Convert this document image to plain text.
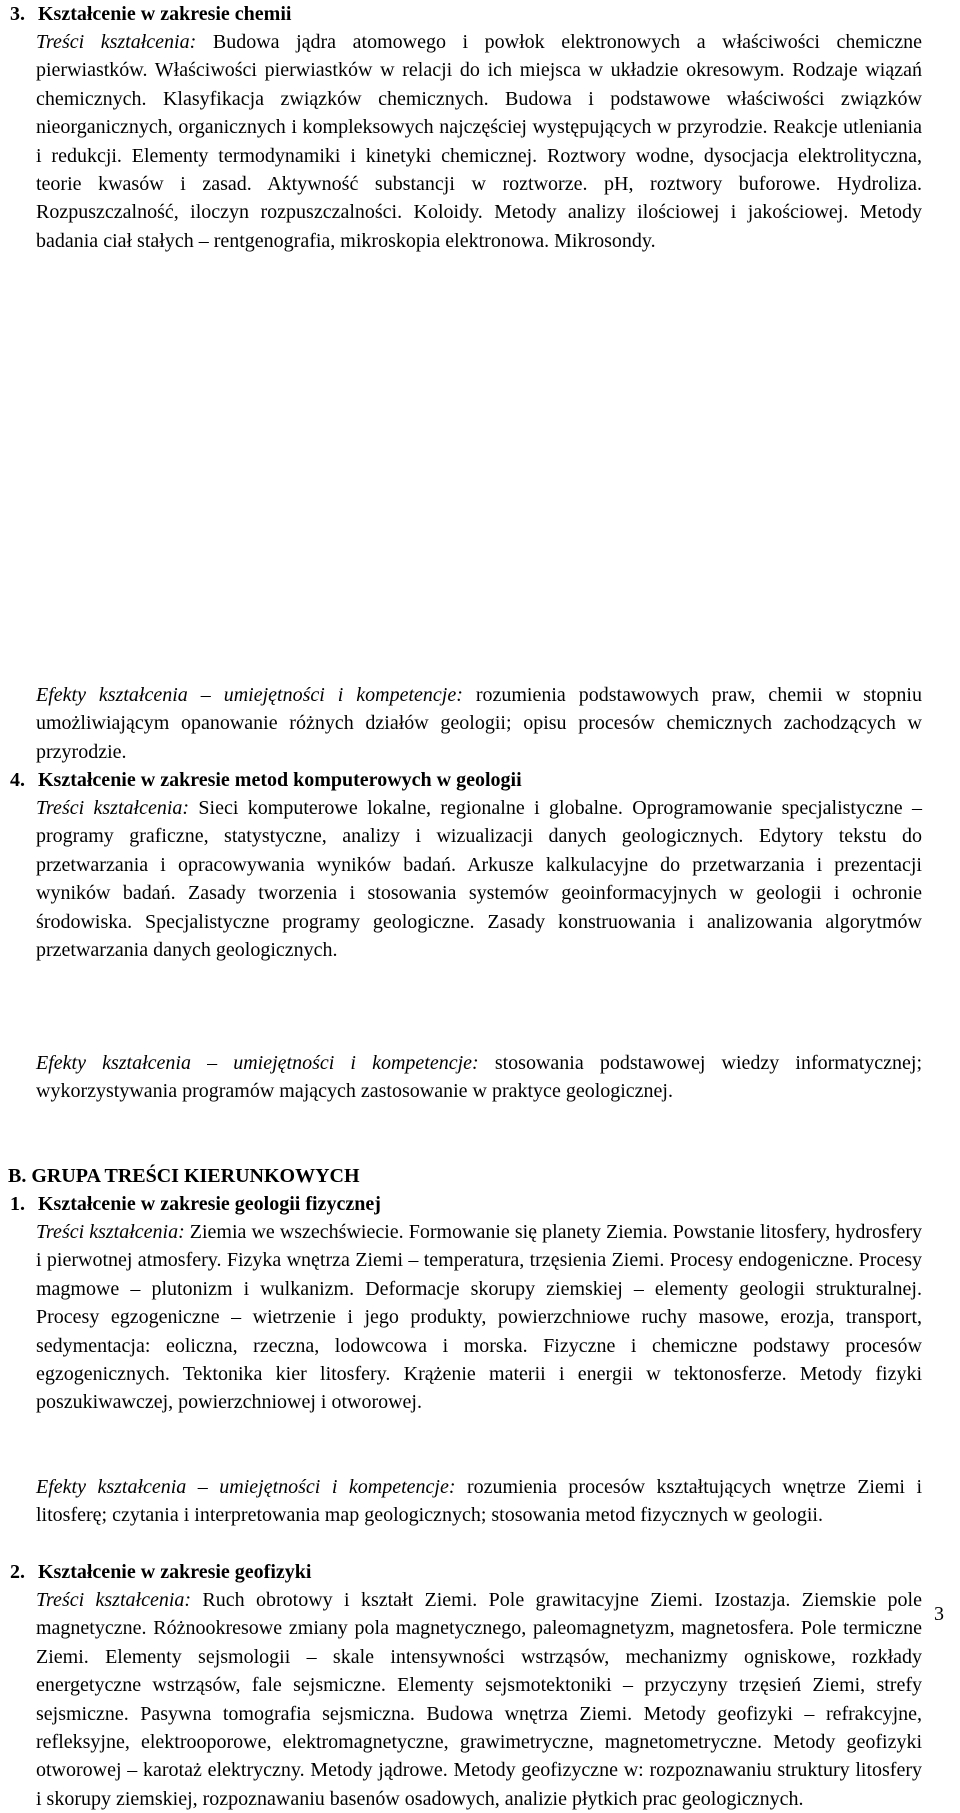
3. Kształcenie w zakresie chemii
Treści kształcenia: Budowa jądra atomowego i powłok elektronowych a właściwości chemiczne pierwiastków. Właściwości pierwiastków w relacji do ich miejsca w układzie okresowym. Rodzaje wiązań chemicznych. Klasyfikacja związków chemicznych. Budowa i podstawowe właściwości związków nieorganicznych, organicznych i kompleksowych najczęściej występujących w przyrodzie. Reakcje utleniania i redukcji. Elementy termodynamiki i kinetyki chemicznej. Roztwory wodne, dysocjacja elektrolityczna, teorie kwasów i zasad. Aktywność substancji w roztworze. pH, roztwory buforowe. Hydroliza. Rozpuszczalność, iloczyn rozpuszczalności. Koloidy. Metody analizy ilościowej i jakościowej. Metody badania ciał stałych – rentgenografia, mikroskopia elektronowa. Mikrosondy.
Efekty kształcenia – umiejętności i kompetencje: rozumienia podstawowych praw, chemii w stopniu umożliwiającym opanowanie różnych działów geologii; opisu procesów chemicznych zachodzących w przyrodzie.
4. Kształcenie w zakresie metod komputerowych w geologii
Treści kształcenia: Sieci komputerowe lokalne, regionalne i globalne. Oprogramowanie specjalistyczne – programy graficzne, statystyczne, analizy i wizualizacji danych geologicznych. Edytory tekstu do przetwarzania i opracowywania wyników badań. Arkusze kalkulacyjne do przetwarzania i prezentacji wyników badań. Zasady tworzenia i stosowania systemów geoinformacyjnych w geologii i ochronie środowiska. Specjalistyczne programy geologiczne. Zasady konstruowania i analizowania algorytmów przetwarzania danych geologicznych.
Efekty kształcenia – umiejętności i kompetencje: stosowania podstawowej wiedzy informatycznej; wykorzystywania programów mających zastosowanie w praktyce geologicznej.
B. GRUPA TREŚCI KIERUNKOWYCH
1. Kształcenie w zakresie geologii fizycznej
Treści kształcenia: Ziemia we wszechświecie. Formowanie się planety Ziemia. Powstanie litosfery, hydrosfery i pierwotnej atmosfery. Fizyka wnętrza Ziemi – temperatura, trzęsienia Ziemi. Procesy endogeniczne. Procesy magmowe – plutonizm i wulkanizm. Deformacje skorupy ziemskiej – elementy geologii strukturalnej. Procesy egzogeniczne – wietrzenie i jego produkty, powierzchniowe ruchy masowe, erozja, transport, sedymentacja: eoliczna, rzeczna, lodowcowa i morska. Fizyczne i chemiczne podstawy procesów egzogenicznych. Tektonika kier litosfery. Krążenie materii i energii w tektonosferze. Metody fizyki poszukiwawczej, powierzchniowej i otworowej.
Efekty kształcenia – umiejętności i kompetencje: rozumienia procesów kształtujących wnętrze Ziemi i litosferę; czytania i interpretowania map geologicznych; stosowania metod fizycznych w geologii.
2. Kształcenie w zakresie geofizyki
Treści kształcenia: Ruch obrotowy i kształt Ziemi. Pole grawitacyjne Ziemi. Izostazja. Ziemskie pole magnetyczne. Różnookresowe zmiany pola magnetycznego, paleomagnetyzm, magnetosfera. Pole termiczne Ziemi. Elementy sejsmologii – skale intensywności wstrząsów, mechanizmy ogniskowe, rozkłady energetyczne wstrząsów, fale sejsmiczne. Elementy sejsmotektoniki – przyczyny trzęsień Ziemi, strefy sejsmiczne. Pasywna tomografia sejsmiczna. Budowa wnętrza Ziemi. Metody geofizyki – refrakcyjne, refleksyjne, elektrooporowe, elektromagnetyczne, grawimetryczne, magnetometryczne. Metody geofizyki otworowej – karotaż elektryczny. Metody jądrowe. Metody geofizyczne w: rozpoznawaniu struktury litosfery i skorupy ziemskiej, rozpoznawaniu basenów osadowych, analizie płytkich prac geologicznych.
3
